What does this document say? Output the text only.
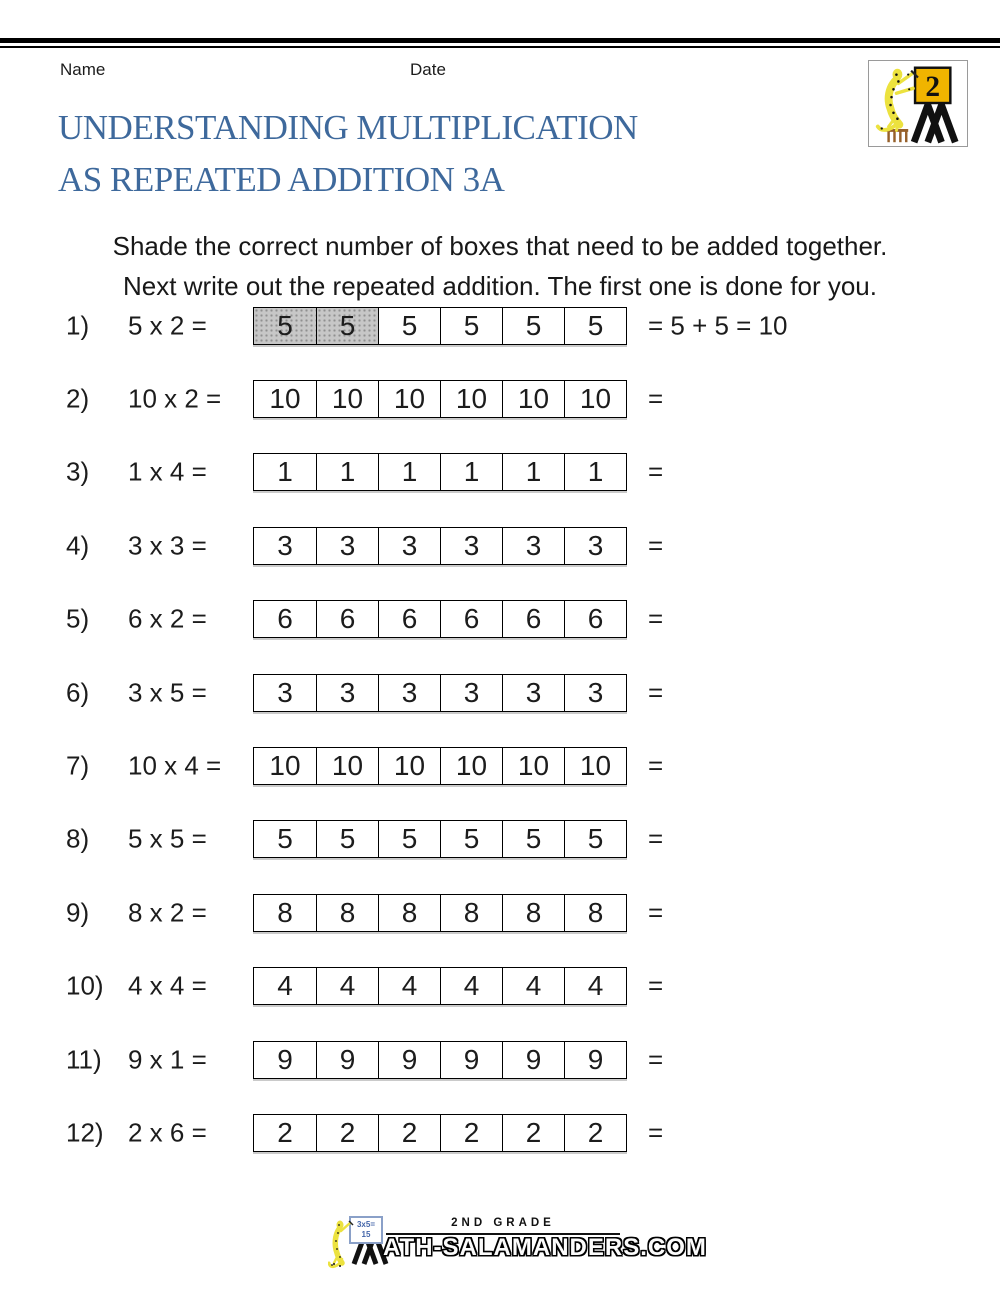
Name	Date
2
UNDERSTANDING MULTIPLICATION
AS REPEATED ADDITION 3A
Shade the correct number of boxes that need to be added together.
Next write out the repeated addition. The first one is done for you.
1) 5 x 2 =	5	5	5	5	5	5	= 5 + 5 = 10
2) 10 x 2 =	10	10	10	10	10	10	=
3) 1 x 4 =	1	1	1	1	1	1	=
4) 3 x 3 =	3	3	3	3	3	3	=
5) 6 x 2 =	6	6	6	6	6	6	=
6) 3 x 5 =	3	3	3	3	3	3	=
7) 10 x 4 =	10	10	10	10	10	10	=
8) 5 x 5 =	5	5	5	5	5	5	=
9) 8 x 2 =	8	8	8	8	8	8	=
10) 4 x 4 =	4	4	4	4	4	4	=
11) 9 x 1 =	9	9	9	9	9	9	=
12) 2 x 6 =	2	2	2	2	2	2	=
3x5=
15
2ND GRADE
ATH-SALAMANDERS.COM
